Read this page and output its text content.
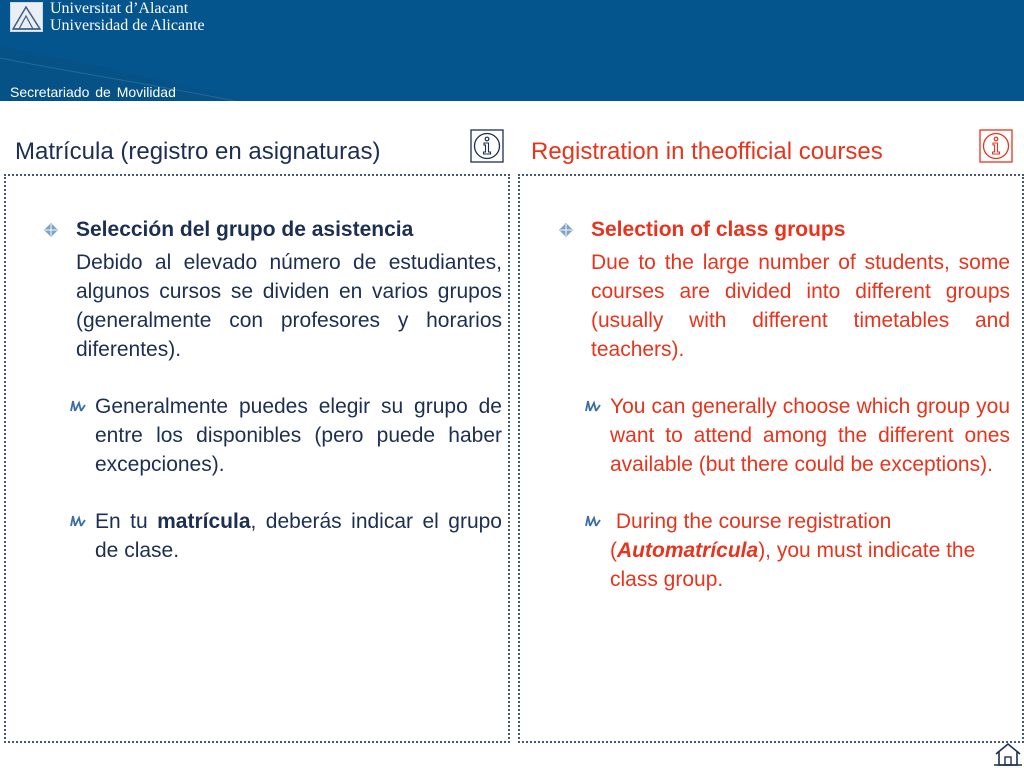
Universitat d’Alacant
Universidad de Alicante
Secretariado de Movilidad
Matrícula (registro en asignaturas)
Selección del grupo de asistencia
Debido al elevado número de estudiantes, algunos cursos se dividen en varios grupos (generalmente con profesores y horarios diferentes).
Generalmente puedes elegir su grupo de entre los disponibles (pero puede haber excepciones).
En tu matrícula, deberás indicar el grupo de clase.
Registration in theofficial courses
Selection of class groups
Due to the large number of students, some courses are divided into different groups (usually with different timetables and teachers).
You can generally choose which group you want to attend among the different ones available (but there could be exceptions).
During the course registration (Automatrícula), you must indicate the class group.
